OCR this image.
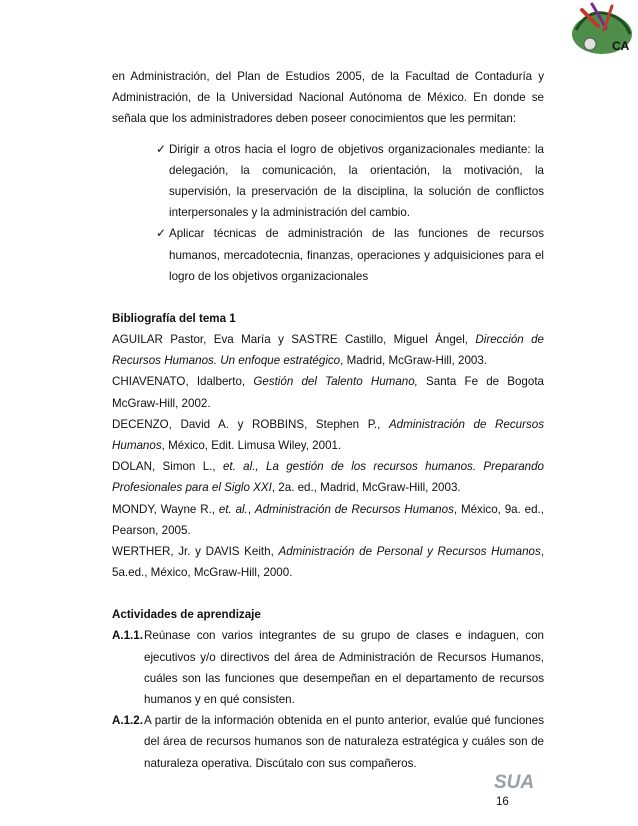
CA

en Administración, del Plan de Estudios 2005, de la Facultad de Contaduría y Administración, de la Universidad Nacional Autónoma de México. En donde se señala que los administradores deben poseer conocimientos que les permitan:

✓ Dirigir a otros hacia el logro de objetivos organizacionales mediante: la delegación, la comunicación, la orientación, la motivación, la supervisión, la preservación de la disciplina, la solución de conflictos interpersonales y la administración del cambio.
✓ Aplicar técnicas de administración de las funciones de recursos humanos, mercadotecnia, finanzas, operaciones y adquisiciones para el logro de los objetivos organizacionales

Bibliografía del tema 1

AGUILAR Pastor, Eva María y SASTRE Castillo, Miguel Ángel, Dirección de Recursos Humanos. Un enfoque estratégico, Madrid, McGraw-Hill, 2003.
CHIAVENATO, Idalberto, Gestión del Talento Humano, Santa Fe de Bogota McGraw-Hill, 2002.
DECENZO, David A. y ROBBINS, Stephen P., Administración de Recursos Humanos, México, Edit. Limusa Wiley, 2001.
DOLAN, Simon L., et. al., La gestión de los recursos humanos. Preparando Profesionales para el Siglo XXI, 2a. ed., Madrid, McGraw-Hill, 2003.
MONDY, Wayne R., et. al., Administración de Recursos Humanos, México, 9a. ed., Pearson, 2005.
WERTHER, Jr. y DAVIS Keith, Administración de Personal y Recursos Humanos, 5a.ed., México, McGraw-Hill, 2000.

Actividades de aprendizaje

A.1.1. Reúnase con varios integrantes de su grupo de clases e indaguen, con ejecutivos y/o directivos del área de Administración de Recursos Humanos, cuáles son las funciones que desempeñan en el departamento de recursos humanos y en qué consisten.
A.1.2. A partir de la información obtenida en el punto anterior, evalúe qué funciones del área de recursos humanos son de naturaleza estratégica y cuáles son de naturaleza operativa. Discútalo con sus compañeros.
SUA
16
